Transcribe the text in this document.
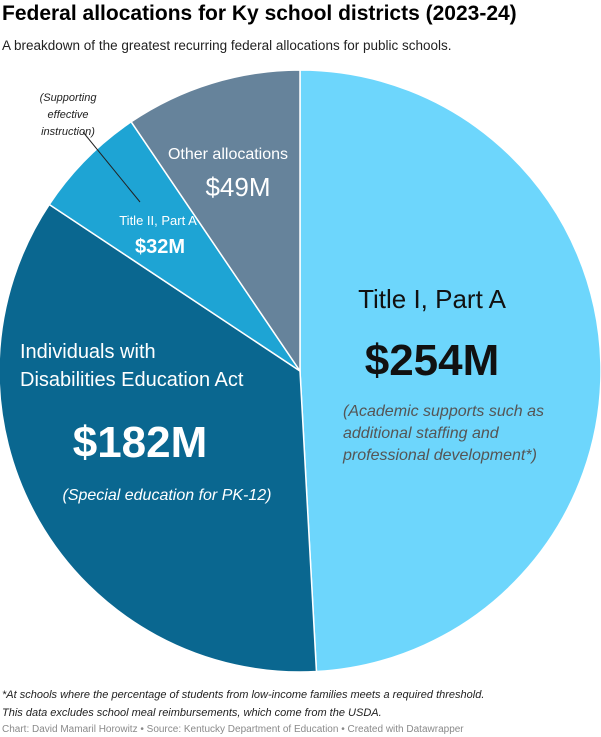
Federal allocations for Ky school districts (2023-24)
A breakdown of the greatest recurring federal allocations for public schools.
Title I, Part A
$254M
(Academic supports such as additional staffing and professional development*)
Individuals with Disabilities Education Act
$182M
(Special education for PK-12)
Title II, Part A
$32M
(Supporting effective instruction)
Other allocations
$49M
*At schools where the percentage of students from low-income families meets a required threshold.
This data excludes school meal reimbursements, which come from the USDA.
Chart: David Mamaril Horowitz • Source: Kentucky Department of Education • Created with Datawrapper
